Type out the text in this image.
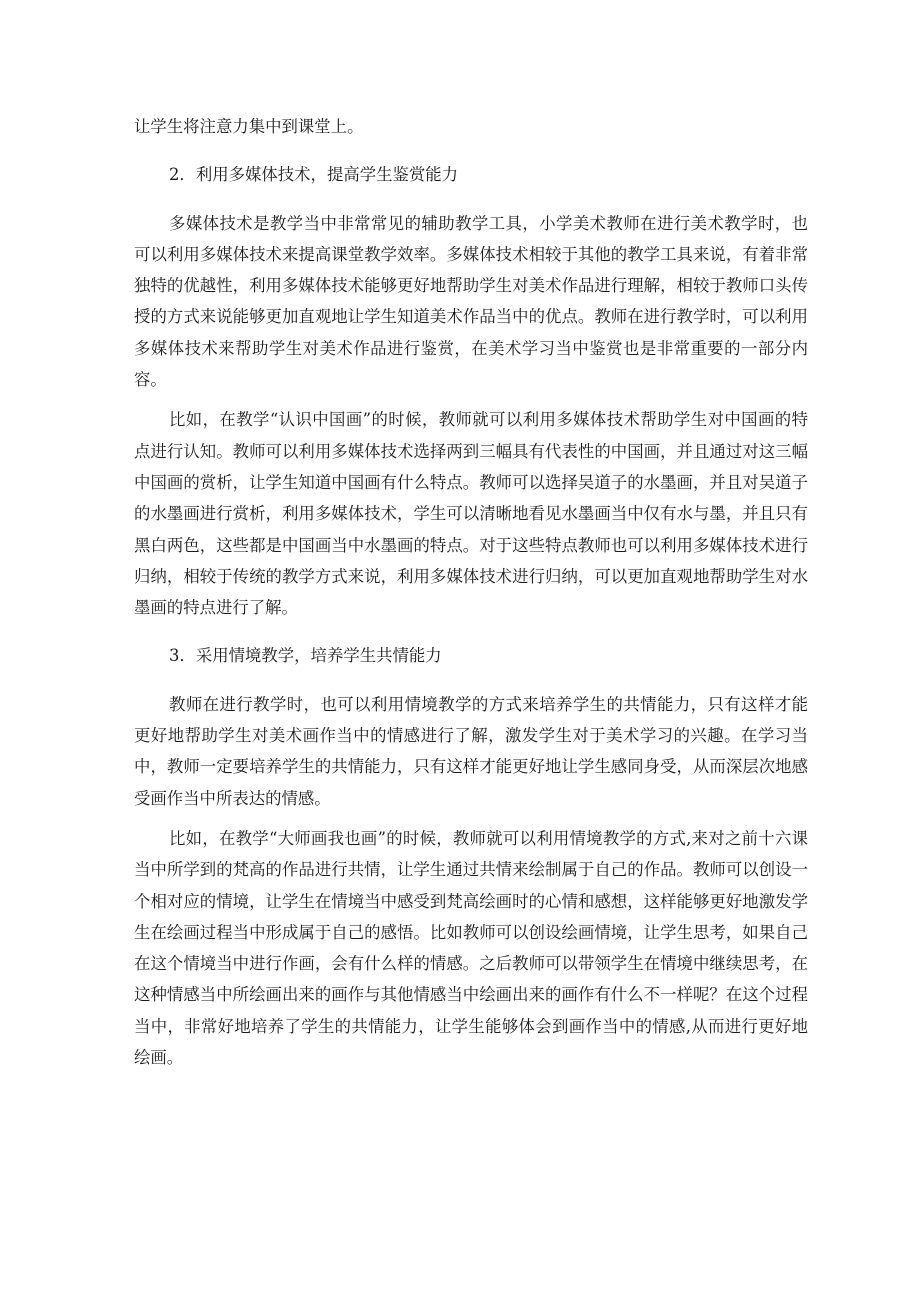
让学生将注意力集中到课堂上。

2．利用多媒体技术，提高学生鉴赏能力

多媒体技术是教学当中非常常见的辅助教学工具，小学美术教师在进行美术教学时，也可以利用多媒体技术来提高课堂教学效率。多媒体技术相较于其他的教学工具来说，有着非常独特的优越性，利用多媒体技术能够更好地帮助学生对美术作品进行理解，相较于教师口头传授的方式来说能够更加直观地让学生知道美术作品当中的优点。教师在进行教学时，可以利用多媒体技术来帮助学生对美术作品进行鉴赏，在美术学习当中鉴赏也是非常重要的一部分内容。

比如，在教学“认识中国画”的时候，教师就可以利用多媒体技术帮助学生对中国画的特点进行认知。教师可以利用多媒体技术选择两到三幅具有代表性的中国画，并且通过对这三幅中国画的赏析，让学生知道中国画有什么特点。教师可以选择吴道子的水墨画，并且对吴道子的水墨画进行赏析，利用多媒体技术，学生可以清晰地看见水墨画当中仅有水与墨，并且只有黑白两色，这些都是中国画当中水墨画的特点。对于这些特点教师也可以利用多媒体技术进行归纳，相较于传统的教学方式来说，利用多媒体技术进行归纳，可以更加直观地帮助学生对水墨画的特点进行了解。

3．采用情境教学，培养学生共情能力

教师在进行教学时，也可以利用情境教学的方式来培养学生的共情能力，只有这样才能更好地帮助学生对美术画作当中的情感进行了解，激发学生对于美术学习的兴趣。在学习当中，教师一定要培养学生的共情能力，只有这样才能更好地让学生感同身受，从而深层次地感受画作当中所表达的情感。

比如，在教学“大师画我也画”的时候，教师就可以利用情境教学的方式,来对之前十六课当中所学到的梵高的作品进行共情，让学生通过共情来绘制属于自己的作品。教师可以创设一个相对应的情境，让学生在情境当中感受到梵高绘画时的心情和感想，这样能够更好地激发学生在绘画过程当中形成属于自己的感悟。比如教师可以创设绘画情境，让学生思考，如果自己在这个情境当中进行作画，会有什么样的情感。之后教师可以带领学生在情境中继续思考，在这种情感当中所绘画出来的画作与其他情感当中绘画出来的画作有什么不一样呢？在这个过程当中，非常好地培养了学生的共情能力，让学生能够体会到画作当中的情感,从而进行更好地绘画。
